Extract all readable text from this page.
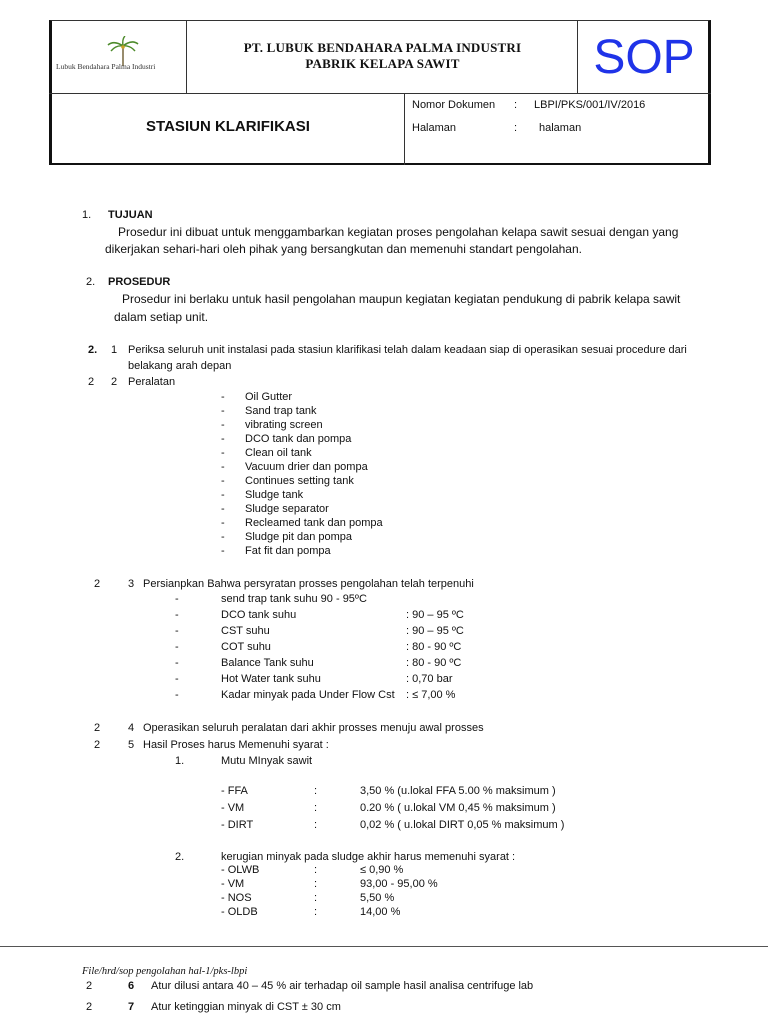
Lubuk Bendahara Palma Industri
PT. LUBUK BENDAHARA PALMA INDUSTRI
PABRIK KELAPA SAWIT	SOP
STASIUN KLARIFIKASI
Nomor Dokumen : LBPI/PKS/001/IV/2016
Halaman	: halaman
1. TUJUAN
Prosedur ini dibuat untuk menggambarkan kegiatan proses pengolahan kelapa sawit sesuai dengan yang
dikerjakan sehari-hari oleh pihak yang bersangkutan dan memenuhi standart pengolahan.
2. PROSEDUR
Prosedur ini berlaku untuk hasil pengolahan maupun kegiatan kegiatan pendukung di pabrik kelapa sawit
dalam setiap unit.
2. 1 Periksa seluruh unit instalasi pada stasiun klarifikasi telah dalam keadaan siap di operasikan sesuai procedure dari
belakang arah depan
2 2 Peralatan
- Oil Gutter
- Sand trap tank
- vibrating screen
- DCO tank dan pompa
- Clean oil tank
- Vacuum drier dan pompa
- Continues setting tank
- Sludge tank
- Sludge separator
- Recleamed tank dan pompa
- Sludge pit dan pompa
- Fat fit dan pompa
2	3 Persianpkan Bahwa persyratan prosses pengolahan telah terpenuhi
-	send trap tank suhu 90 - 95ºC
-	DCO tank suhu	: 90 – 95 ºC
-	CST suhu	: 90 – 95 ºC
-	COT suhu	: 80 - 90 ºC
-	Balance Tank suhu	: 80 - 90 ºC
-	Hot Water tank suhu	: 0,70 bar
-	Kadar minyak pada Under Flow Cst : ≤ 7,00 %
2	4 Operasikan seluruh peralatan dari akhir prosses menuju awal prosses
2	5 Hasil Proses harus Memenuhi syarat :
1.	Mutu MInyak sawit
- FFA	:	3,50 % (u.lokal FFA 5.00 % maksimum )
- VM	:	0.20 % ( u.lokal VM 0,45 % maksimum )
- DIRT	:	0,02 % ( u.lokal DIRT 0,05 % maksimum )
2.	kerugian minyak pada sludge akhir harus memenuhi syarat :
- OLWB	:	≤ 0,90 %
- VM	:	93,00 - 95,00 %
- NOS	:	5,50 %
- OLDB	:	14,00 %
File/hrd/sop pengolahan hal-1/pks-lbpi
2	6 Atur dilusi antara 40 – 45 % air terhadap oil sample hasil analisa centrifuge lab
2	7 Atur ketinggian minyak di CST ± 30 cm
